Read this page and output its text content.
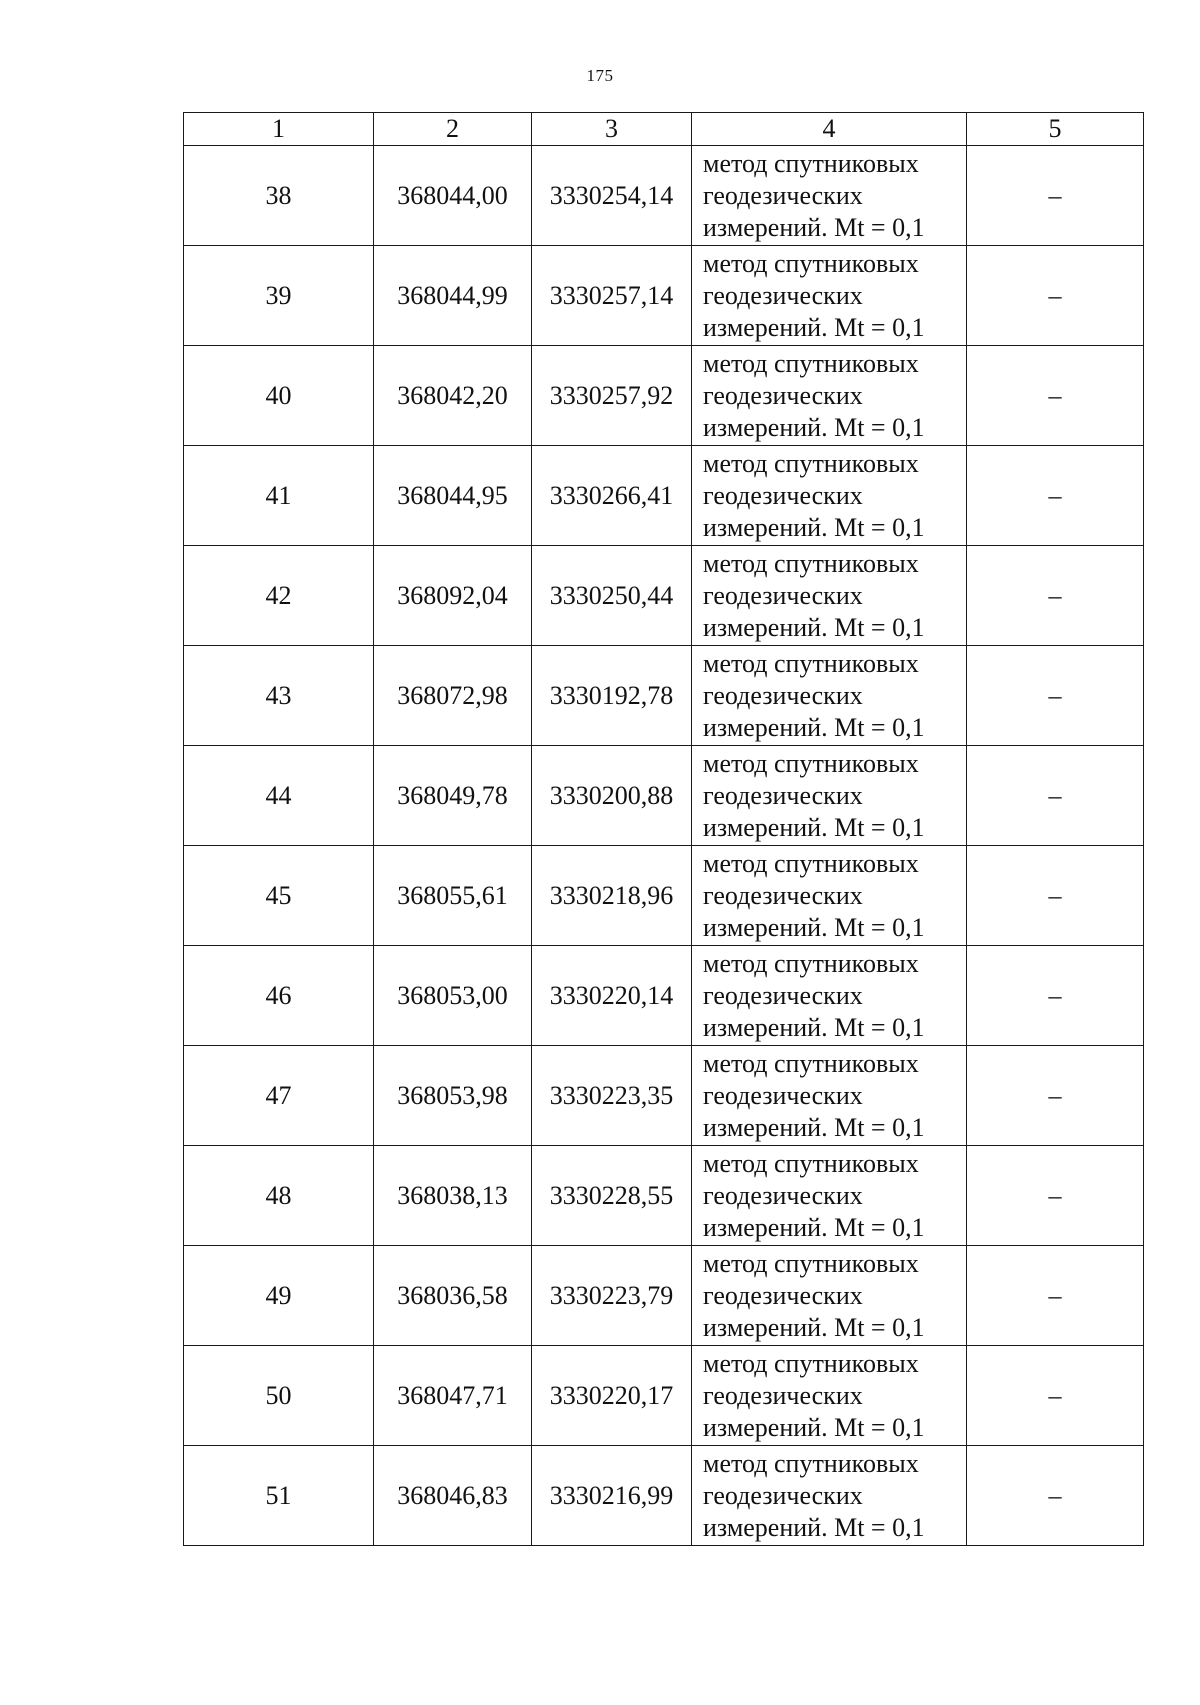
175
1	2	3	4	5
38	368044,00	3330254,14	метод спутниковых
геодезических
измерений. Mt = 0,1	–
39	368044,99	3330257,14	метод спутниковых
геодезических
измерений. Mt = 0,1	–
40	368042,20	3330257,92	метод спутниковых
геодезических
измерений. Mt = 0,1	–
41	368044,95	3330266,41	метод спутниковых
геодезических
измерений. Mt = 0,1	–
42	368092,04	3330250,44	метод спутниковых
геодезических
измерений. Mt = 0,1	–
43	368072,98	3330192,78	метод спутниковых
геодезических
измерений. Mt = 0,1	–
44	368049,78	3330200,88	метод спутниковых
геодезических
измерений. Mt = 0,1	–
45	368055,61	3330218,96	метод спутниковых
геодезических
измерений. Mt = 0,1	–
46	368053,00	3330220,14	метод спутниковых
геодезических
измерений. Mt = 0,1	–
47	368053,98	3330223,35	метод спутниковых
геодезических
измерений. Mt = 0,1	–
48	368038,13	3330228,55	метод спутниковых
геодезических
измерений. Mt = 0,1	–
49	368036,58	3330223,79	метод спутниковых
геодезических
измерений. Mt = 0,1	–
50	368047,71	3330220,17	метод спутниковых
геодезических
измерений. Mt = 0,1	–
51	368046,83	3330216,99	метод спутниковых
геодезических
измерений. Mt = 0,1	–
